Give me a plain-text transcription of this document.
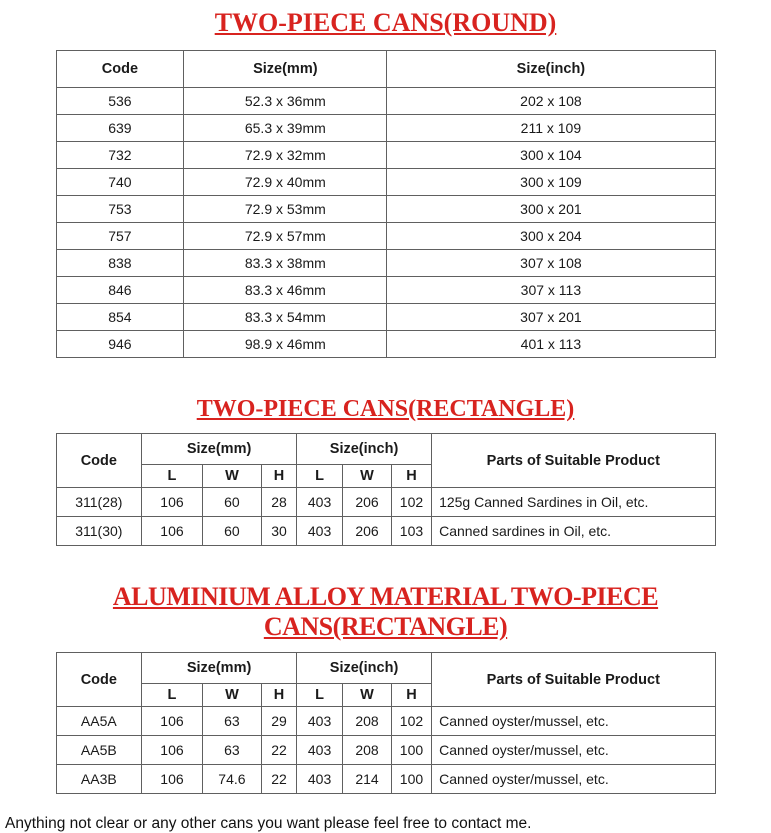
TWO-PIECE CANS(ROUND)
Code	Size(mm)	Size(inch)
536	52.3 x 36mm	202 x 108
639	65.3 x 39mm	211 x 109
732	72.9 x 32mm	300 x 104
740	72.9 x 40mm	300 x 109
753	72.9 x 53mm	300 x 201
757	72.9 x 57mm	300 x 204
838	83.3 x 38mm	307 x 108
846	83.3 x 46mm	307 x 113
854	83.3 x 54mm	307 x 201
946	98.9 x 46mm	401 x 113
TWO-PIECE CANS(RECTANGLE)
Code	Size(mm)			Size(inch)			Parts of Suitable Product
	L	W	H	L	W	H	
311(28)	106	60	28	403	206	102	125g Canned Sardines in Oil, etc.
311(30)	106	60	30	403	206	103	Canned sardines in Oil, etc.
ALUMINIUM ALLOY MATERIAL TWO-PIECE CANS(RECTANGLE)
Code	Size(mm)			Size(inch)			Parts of Suitable Product
	L	W	H	L	W	H	
AA5A	106	63	29	403	208	102	Canned oyster/mussel, etc.
AA5B	106	63	22	403	208	100	Canned oyster/mussel, etc.
AA3B	106	74.6	22	403	214	100	Canned oyster/mussel, etc.

Anything not clear or any other cans you want please feel free to contact me.
